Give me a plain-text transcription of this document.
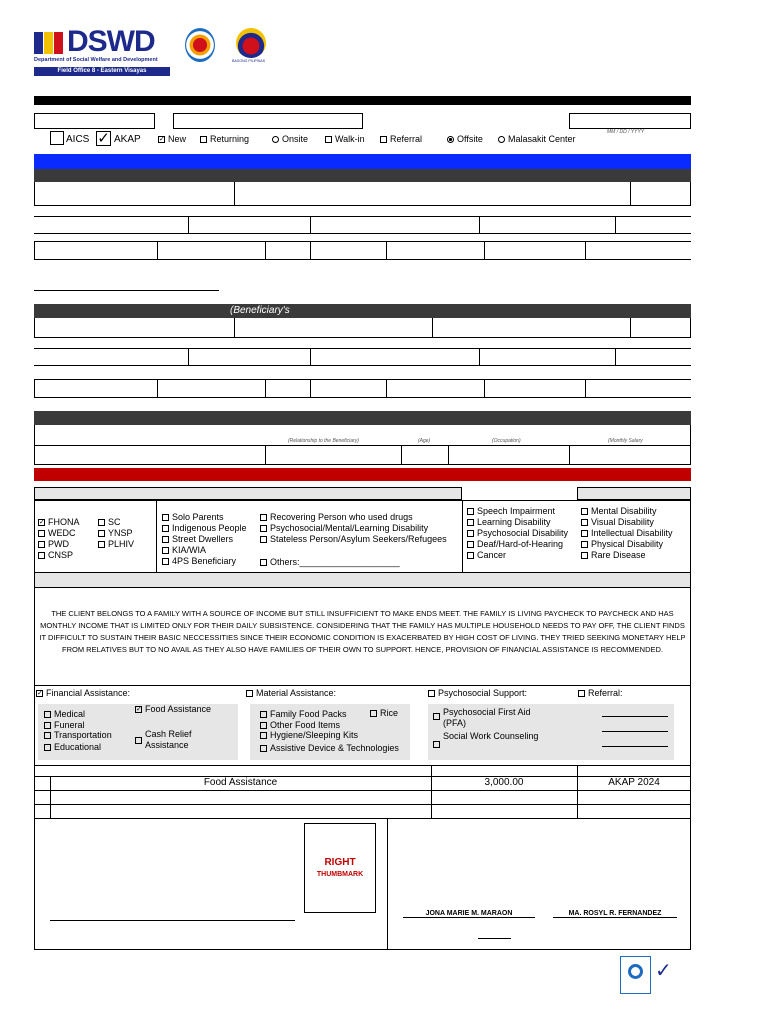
DSWD
Department of Social Welfare and Development
Field Office 8 - Eastern Visayas
BAGONG PILIPINAS
MM / DD / YYYY
AICS ✓ AKAP	✓ New	Returning	Onsite	Walk-in	Referral	Offsite	Malasakit Center
(Beneficiary's
(Relationship to the Beneficiary)	(Age)	(Occupation)	(Monthly Salary
✓ FHONA
WEDC
PWD
CNSP
SC
YNSP
PLHIV
Solo Parents
Indigenous People
Street Dwellers
KIA/WIA
4PS Beneficiary
Recovering Person who used drugs
Psychosocial/Mental/Learning Disability
Stateless Person/Asylum Seekers/Refugees
Others:____________________
Speech Impairment
Learning Disability
Psychosocial Disability
Deaf/Hard-of-Hearing
Cancer
Mental Disability
Visual Disability
Intellectual Disability
Physical Disability
Rare Disease
THE CLIENT BELONGS TO A FAMILY WITH A SOURCE OF INCOME BUT STILL INSUFFICIENT TO MAKE ENDS MEET. THE FAMILY IS LIVING PAYCHECK TO PAYCHECK AND HAS MONTHLY INCOME THAT IS LIMITED ONLY FOR THEIR DAILY SUBSISTENCE. CONSIDERING THAT THE FAMILY HAS MULTIPLE HOUSEHOLD NEEDS TO PAY OFF, THE CLIENT FINDS IT DIFFICULT TO SUSTAIN THEIR BASIC NECCESSITIES SINCE THEIR ECONOMIC CONDITION IS EXACERBATED BY HIGH COST OF LIVING. THEY TRIED SEEKING MONETARY HELP FROM RELATIVES BUT TO NO AVAIL AS THEY ALSO HAVE FAMILIES OF THEIR OWN TO SUPPORT. HENCE, PROVISION OF FINANCIAL ASSISTANCE IS RECOMMENDED.
✓ Financial Assistance:	Material Assistance:	Psychosocial Support:	Referral:
Medical
Funeral
Transportation
Educational
✓ Food Assistance
Cash Relief Assistance
Family Food Packs
Other Food Items
Hygiene/Sleeping Kits
Assistive Device & Technologies
Rice	Psychosocial First Aid (PFA)
Social Work Counseling
Food Assistance	3,000.00	AKAP 2024
RIGHT
THUMBMARK
JONA MARIE M. MARAON	MA. ROSYL R. FERNANDEZ
✓
